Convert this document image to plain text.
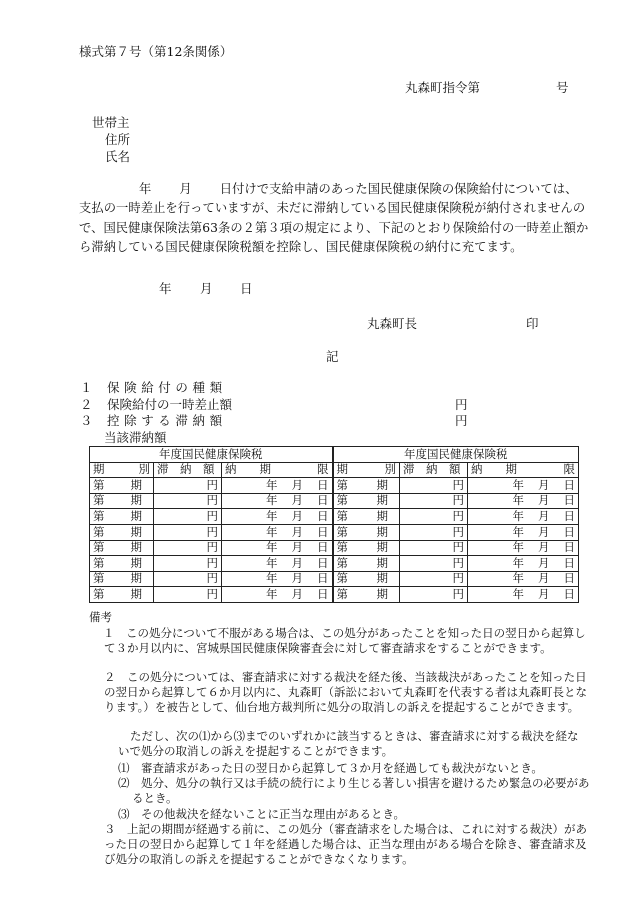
様式第７号（第12条関係）
丸森町指令第	号
世帯主
住所
氏名
年 月 日付けで支給申請のあった国民健康保険の保険給付については、支払の一時差止を行っていますが、未だに滞納している国民健康保険税が納付されませんので、国民健康保険法第63条の２第３項の規定により、下記のとおり保険給付の一時差止額から滞納している国民健康保険税額を控除し、国民健康保険税の納付に充てます。
年 月 日
丸森町長	印
記
１ 保険給付の種類
２ 保険給付の一時差止額	円
３ 控除する滞納額	円
当該滞納額
年度国民健康保険税			年度国民健康保険税		

期 別	滞　納　額	納　　期 限	期 別	滞　納　額	納　　期 限

第 期	円	年 月 日	第 期	円	年 月 日

第 期	円	年 月 日	第 期	円	年 月 日

第 期	円	年 月 日	第 期	円	年 月 日

第 期	円	年 月 日	第 期	円	年 月 日

第 期	円	年 月 日	第 期	円	年 月 日

第 期	円	年 月 日	第 期	円	年 月 日

第 期	円	年 月 日	第 期	円	年 月 日

第 期	円	年 月 日	第 期	円	年 月 日
備考
１　この処分について不服がある場合は、この処分があったことを知った日の翌日から起算して３か月以内に、宮城県国民健康保険審査会に対して審査請求をすることができます。
２　この処分については、審査請求に対する裁決を経た後、当該裁決があったことを知った日の翌日から起算して６か月以内に、丸森町（訴訟において丸森町を代表する者は丸森町長となります。）を被告として、仙台地方裁判所に処分の取消しの訴えを提起することができます。
ただし、次の⑴から⑶までのいずれかに該当するときは、審査請求に対する裁決を経ないで処分の取消しの訴えを提起することができます。
⑴　 審査請求があった日の翌日から起算して３か月を経過しても裁決がないとき。
⑵　 処分、処分の執行又は手続の続行により生じる著しい損害を避けるため緊急の必要があるとき。
⑶　 その他裁決を経ないことに正当な理由があるとき。
３　上記の期間が経過する前に、この処分（審査請求をした場合は、これに対する裁決）があった日の翌日から起算して１年を経過した場合は、正当な理由がある場合を除き、審査請求及び処分の取消しの訴えを提起することができなくなります。
